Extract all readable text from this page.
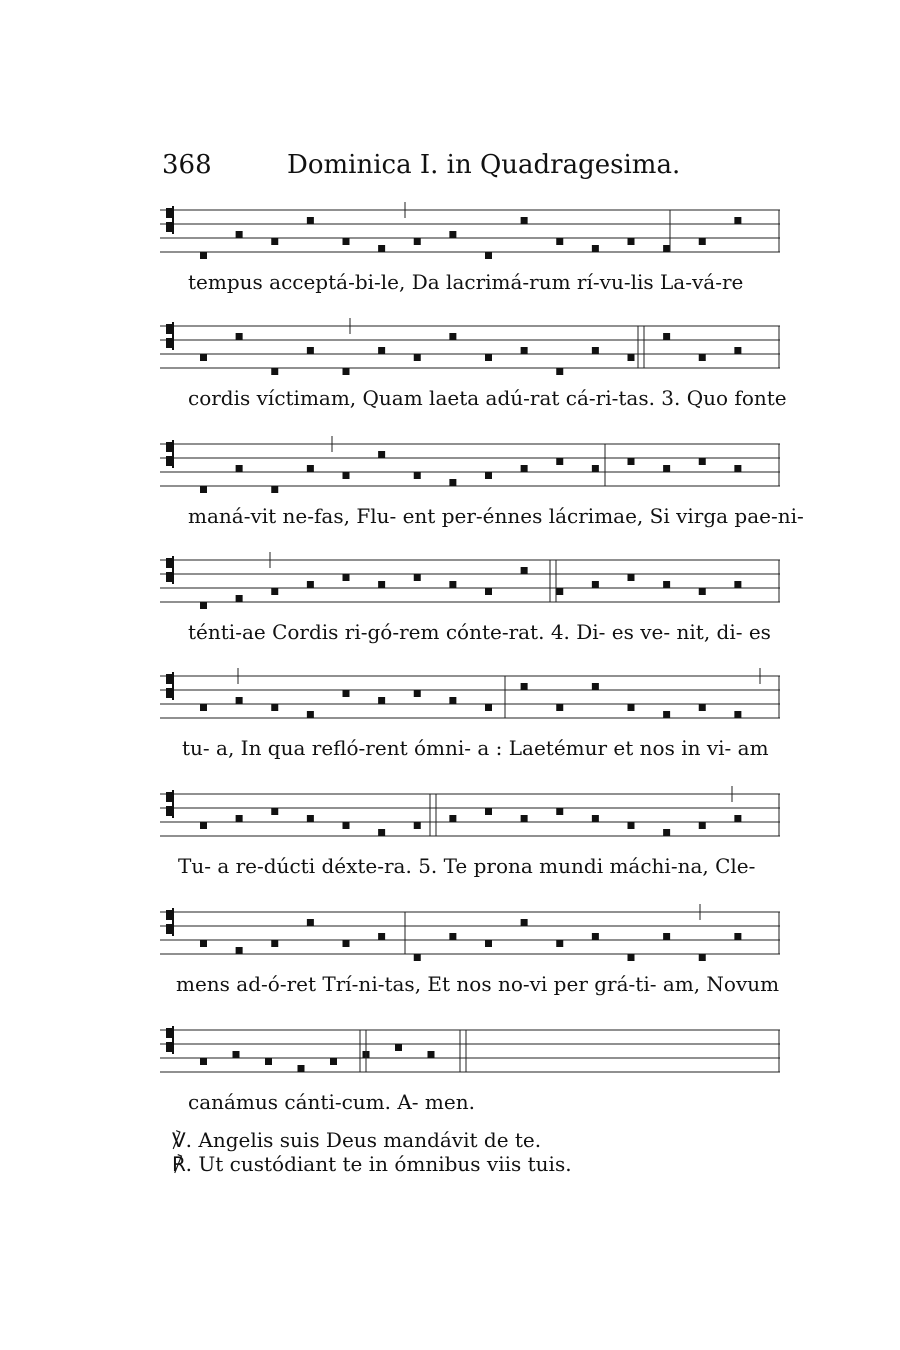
368	Dominica I. in Quadragesima.
tempus acceptá-bi-le, Da lacrimá-rum rí-vu-lis La-vá-re
cordis víctimam, Quam laeta adú-rat cá-ri-tas. 3. Quo fonte
maná-vit ne-fas, Flu- ent per-énnes lácrimae, Si virga pae-ni-
ténti-ae Cordis ri-gó-rem cónte-rat. 4. Di- es ve- nit, di- es
tu- a, In qua refló-rent ómni- a : Laetémur et nos in vi- am
Tu- a re-dúcti déxte-ra. 5. Te prona mundi máchi-na, Cle-
mens ad-ó-ret Trí-ni-tas, Et nos no-vi per grá-ti- am, Novum
canámus cánti-cum. A- men.
℣. Angelis suis Deus mandávit de te.
℟. Ut custódiant te in ómnibus viis tuis.
